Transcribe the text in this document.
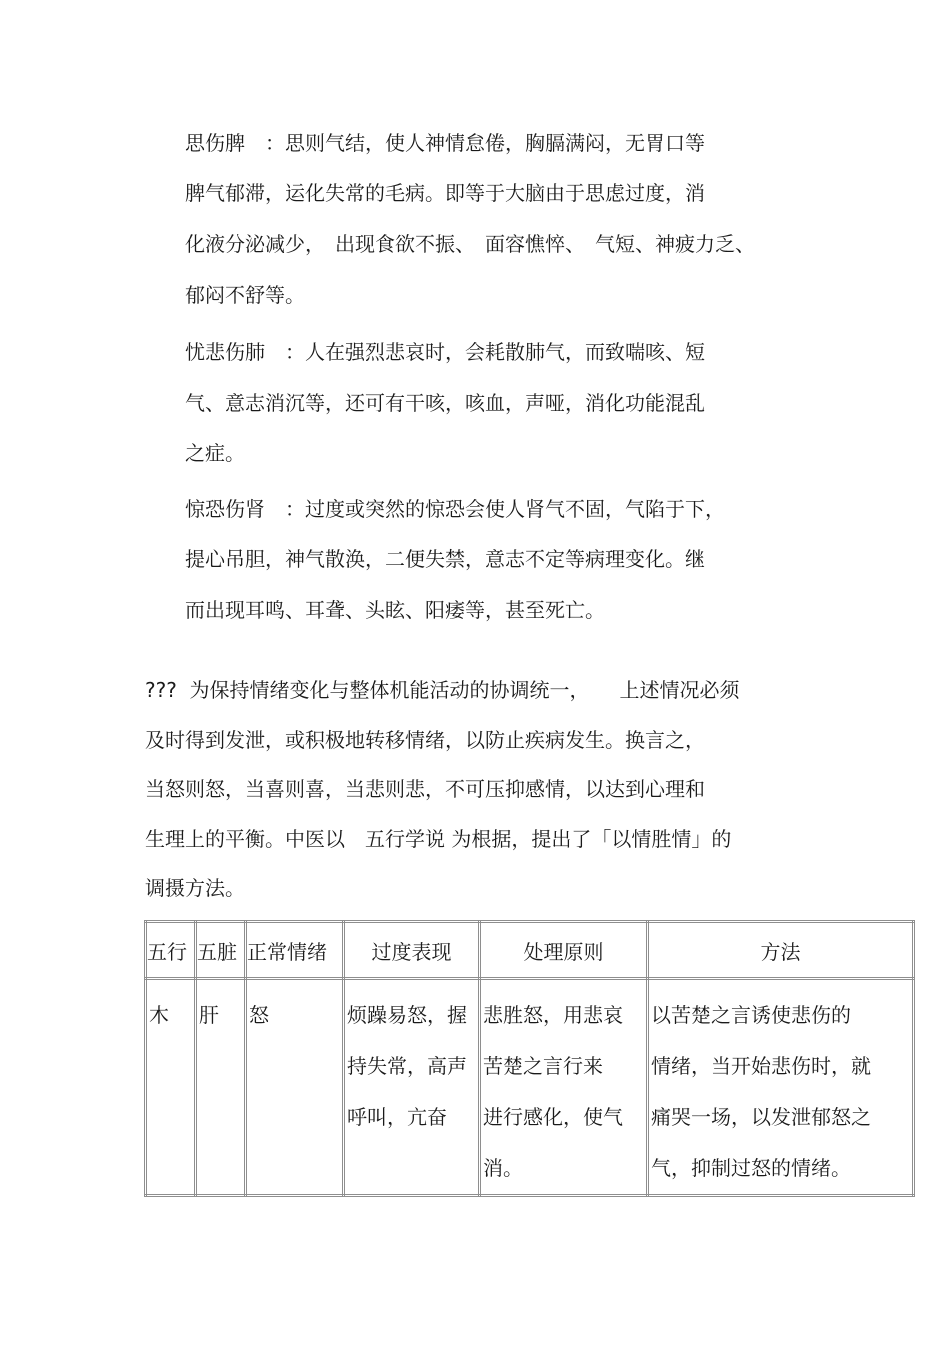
思伤脾　：思则气结，使人神情怠倦，胸膈满闷，无胃口等
脾气郁滞，运化失常的毛病。即等于大脑由于思虑过度，消
化液分泌减少，　出现食欲不振、　面容憔悴、　气短、神疲力乏、
郁闷不舒等。
忧悲伤肺　：人在强烈悲哀时，会耗散肺气，而致喘咳、短
气、意志消沉等，还可有干咳，咳血，声哑，消化功能混乱
之症。
惊恐伤肾　：过度或突然的惊恐会使人肾气不固，气陷于下，
提心吊胆，神气散涣，二便失禁，意志不定等病理变化。继
而出现耳鸣、耳聋、头眩、阳痿等，甚至死亡。
???  为保持情绪变化与整体机能活动的协调统一，　　上述情况必须
及时得到发泄，或积极地转移情绪，以防止疾病发生。换言之，
当怒则怒，当喜则喜，当悲则悲，不可压抑感情，以达到心理和
生理上的平衡。中医以　五行学说 为根据，提出了「以情胜情」的
调摄方法。
五行	五脏	正常情绪	过度表现	处理原则	方法

木	肝	怒	烦躁易怒，握
持失常，高声
呼叫，亢奋	悲胜怒，用悲哀
苦楚之言行来
进行感化，使气
消。	以苦楚之言诱使悲伤的
情绪，当开始悲伤时，就
痛哭一场，以发泄郁怒之
气，抑制过怒的情绪。
